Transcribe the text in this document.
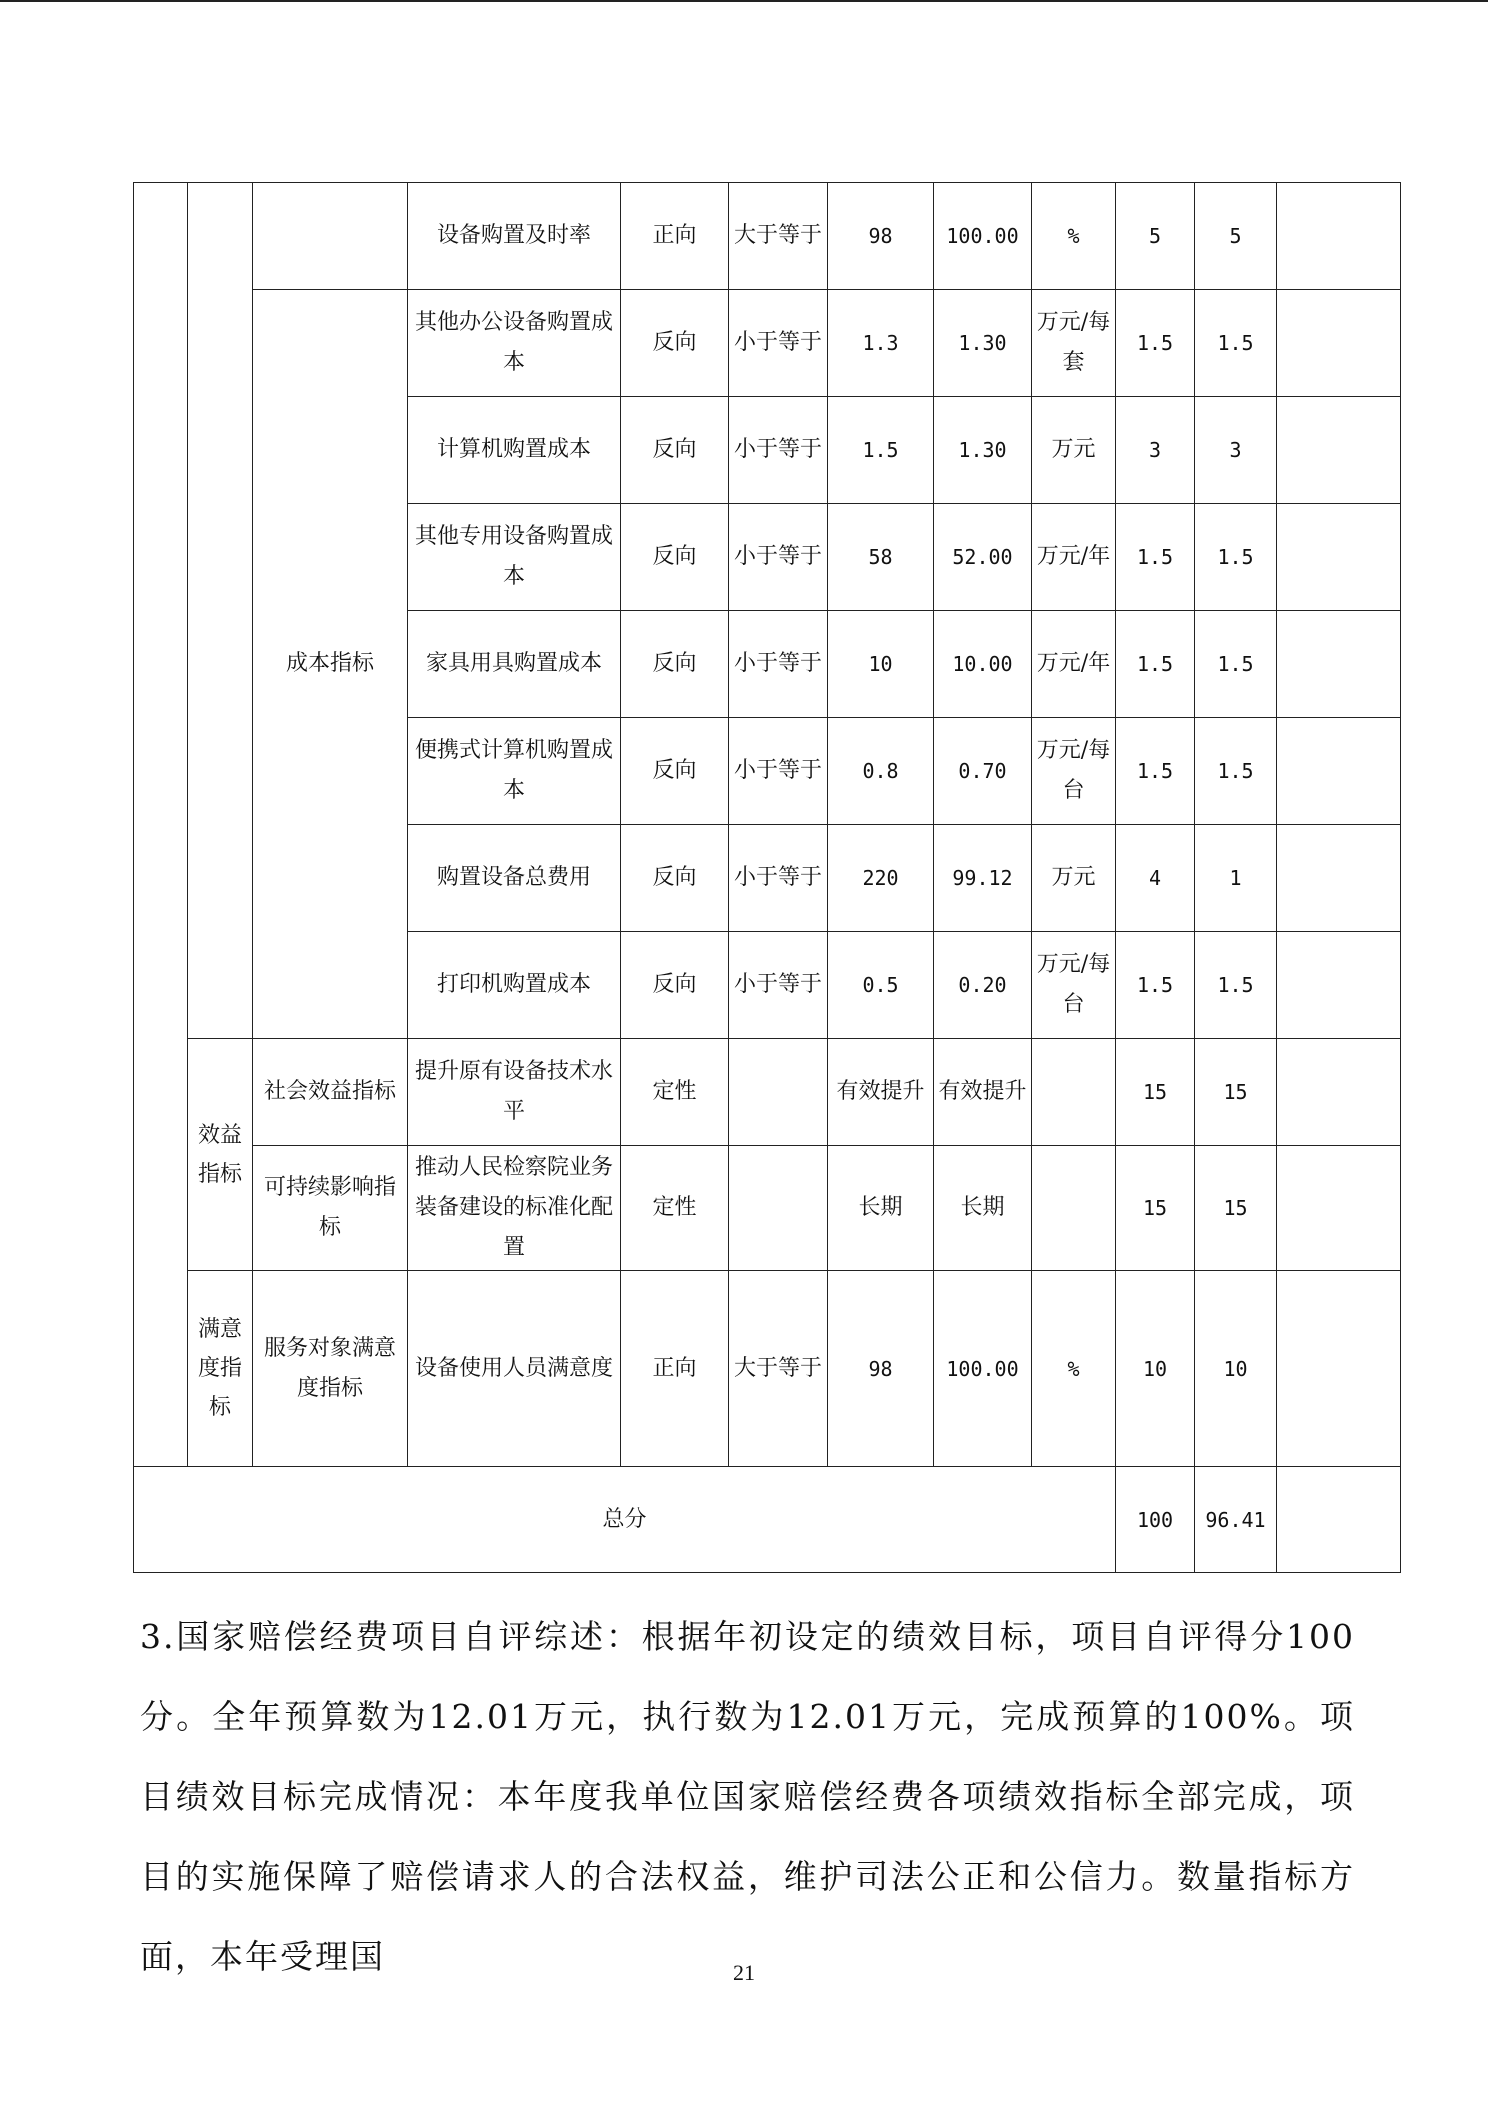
			设备购置及时率	正向	大于等于	98	100.00	%	5	5	
		成本指标	其他办公设备购置成本	反向	小于等于	1.3	1.30	万元/每套	1.5	1.5	
			计算机购置成本	反向	小于等于	1.5	1.30	万元	3	3	
			其他专用设备购置成本	反向	小于等于	58	52.00	万元/年	1.5	1.5	
			家具用具购置成本	反向	小于等于	10	10.00	万元/年	1.5	1.5	
			便携式计算机购置成本	反向	小于等于	0.8	0.70	万元/每台	1.5	1.5	
			购置设备总费用	反向	小于等于	220	99.12	万元	4	1	
			打印机购置成本	反向	小于等于	0.5	0.20	万元/每台	1.5	1.5	
	效益指标	社会效益指标	提升原有设备技术水平	定性		有效提升	有效提升		15	15	
		可持续影响指标	推动人民检察院业务装备建设的标准化配置	定性		长期	长期		15	15	
	满意度指标	服务对象满意度指标	设备使用人员满意度	正向	大于等于	98	100.00	%	10	10	
总分									100	96.41	

3.国家赔偿经费项目自评综述：根据年初设定的绩效目标，项目自评得分100分。全年预算数为12.01万元，执行数为12.01万元，完成预算的100%。项目绩效目标完成情况：本年度我单位国家赔偿经费各项绩效指标全部完成，项目的实施保障了赔偿请求人的合法权益，维护司法公正和公信力。数量指标方面，本年受理国	21
